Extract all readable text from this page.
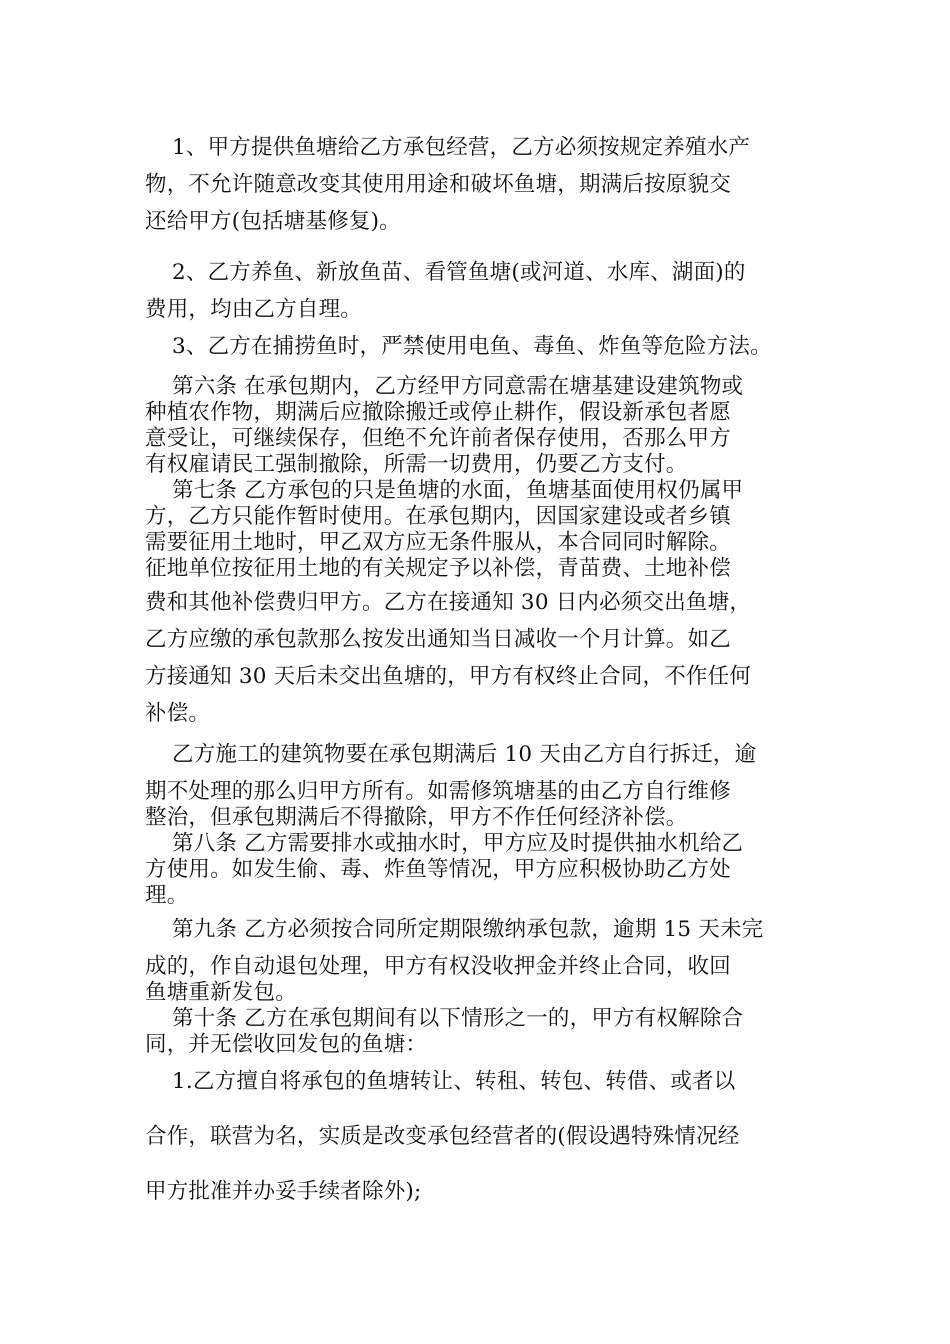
1、甲方提供鱼塘给乙方承包经营，乙方必须按规定养殖水产
物，不允许随意改变其使用用途和破坏鱼塘，期满后按原貌交
还给甲方(包括塘基修复)。
2、乙方养鱼、新放鱼苗、看管鱼塘(或河道、水库、湖面)的
费用，均由乙方自理。
3、乙方在捕捞鱼时，严禁使用电鱼、毒鱼、炸鱼等危险方法。
第六条 在承包期内，乙方经甲方同意需在塘基建设建筑物或
种植农作物，期满后应撤除搬迁或停止耕作，假设新承包者愿
意受让，可继续保存，但绝不允许前者保存使用，否那么甲方
有权雇请民工强制撤除，所需一切费用，仍要乙方支付。
第七条 乙方承包的只是鱼塘的水面，鱼塘基面使用权仍属甲
方，乙方只能作暂时使用。在承包期内，因国家建设或者乡镇
需要征用土地时，甲乙双方应无条件服从，本合同同时解除。
征地单位按征用土地的有关规定予以补偿，青苗费、土地补偿
费和其他补偿费归甲方。乙方在接通知 30 日内必须交出鱼塘，
乙方应缴的承包款那么按发出通知当日减收一个月计算。如乙
方接通知 30 天后未交出鱼塘的，甲方有权终止合同，不作任何
补偿。
乙方施工的建筑物要在承包期满后 10 天由乙方自行拆迁，逾
期不处理的那么归甲方所有。如需修筑塘基的由乙方自行维修
整治，但承包期满后不得撤除，甲方不作任何经济补偿。
第八条 乙方需要排水或抽水时，甲方应及时提供抽水机给乙
方使用。如发生偷、毒、炸鱼等情况，甲方应积极协助乙方处
理。
第九条 乙方必须按合同所定期限缴纳承包款，逾期 15 天未完
成的，作自动退包处理，甲方有权没收押金并终止合同，收回
鱼塘重新发包。
第十条 乙方在承包期间有以下情形之一的，甲方有权解除合
同，并无偿收回发包的鱼塘：
1.乙方擅自将承包的鱼塘转让、转租、转包、转借、或者以
合作，联营为名，实质是改变承包经营者的(假设遇特殊情况经
甲方批准并办妥手续者除外);
